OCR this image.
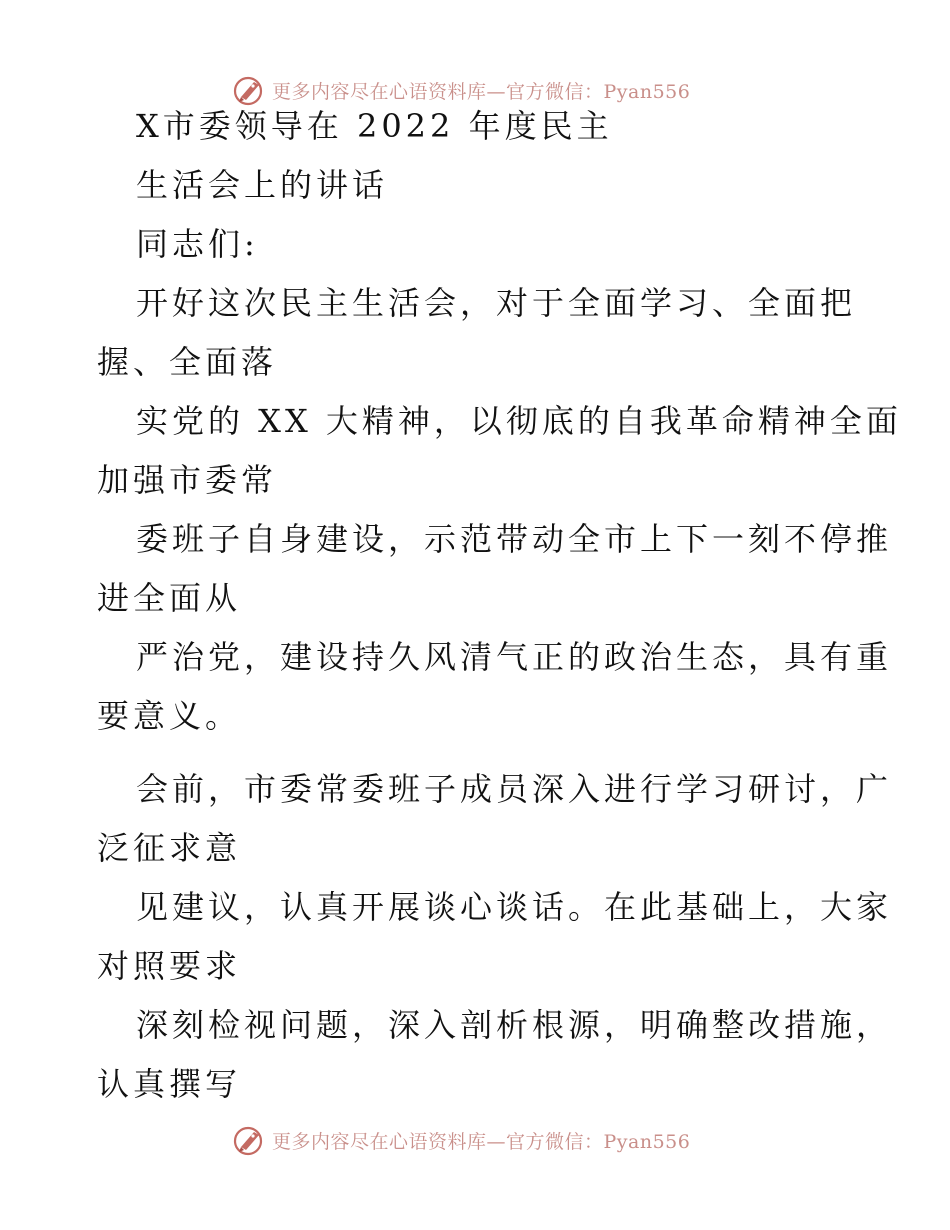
更多内容尽在心语资料库—官方微信：Pyan556
X市委领导在 2022 年度民主
生活会上的讲话
同志们:
开好这次民主生活会，对于全面学习、全面把
握、全面落
实党的 XX 大精神，以彻底的自我革命精神全面
加强市委常
委班子自身建设，示范带动全市上下一刻不停推
进全面从
严治党，建设持久风清气正的政治生态，具有重
要意义。
会前，市委常委班子成员深入进行学习研讨，广
泛征求意
见建议，认真开展谈心谈话。在此基础上，大家
对照要求
深刻检视问题，深入剖析根源，明确整改措施，
认真撰写
更多内容尽在心语资料库—官方微信：Pyan556
